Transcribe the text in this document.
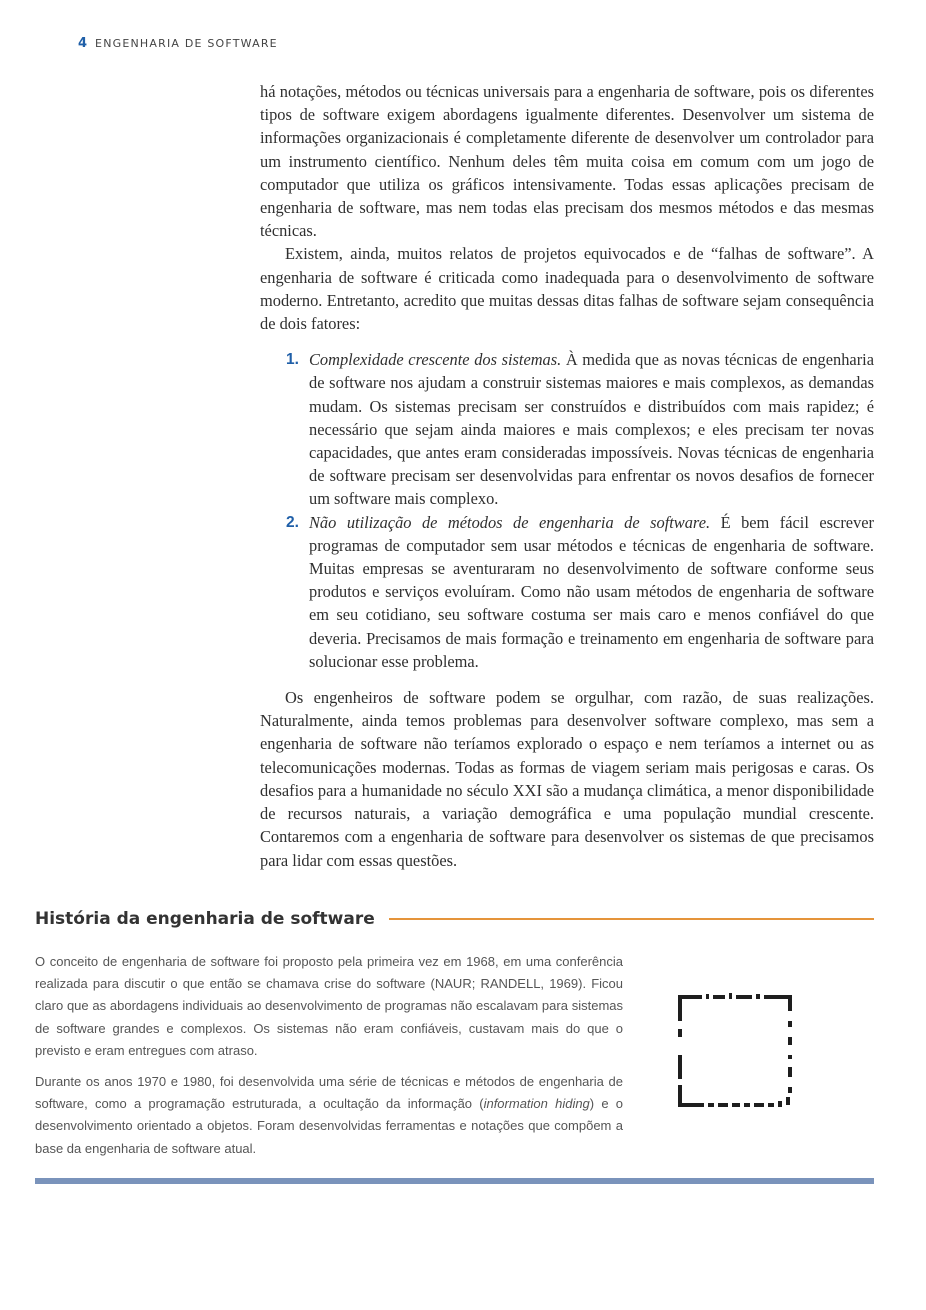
4 ENGENHARIA DE SOFTWARE

há notações, métodos ou técnicas universais para a engenharia de software, pois os diferentes tipos de software exigem abordagens igualmente diferentes. Desenvolver um sistema de informações organizacionais é completamente diferente de desenvolver um controlador para um instrumento científico. Nenhum deles têm muita coisa em comum com um jogo de computador que utiliza os gráficos intensivamente. Todas essas aplicações precisam de engenharia de software, mas nem todas elas precisam dos mesmos métodos e das mesmas técnicas.

Existem, ainda, muitos relatos de projetos equivocados e de “falhas de software”. A engenharia de software é criticada como inadequada para o desenvolvimento de software moderno. Entretanto, acredito que muitas dessas ditas falhas de software sejam consequência de dois fatores:

1. Complexidade crescente dos sistemas. À medida que as novas técnicas de engenharia de software nos ajudam a construir sistemas maiores e mais complexos, as demandas mudam. Os sistemas precisam ser construídos e distribuídos com mais rapidez; é necessário que sejam ainda maiores e mais complexos; e eles precisam ter novas capacidades, que antes eram consideradas impossíveis. Novas técnicas de engenharia de software precisam ser desenvolvidas para enfrentar os novos desafios de fornecer um software mais complexo.
2. Não utilização de métodos de engenharia de software. É bem fácil escrever programas de computador sem usar métodos e técnicas de engenharia de software. Muitas empresas se aventuraram no desenvolvimento de software conforme seus produtos e serviços evoluíram. Como não usam métodos de engenharia de software em seu cotidiano, seu software costuma ser mais caro e menos confiável do que deveria. Precisamos de mais formação e treinamento em engenharia de software para solucionar esse problema.

Os engenheiros de software podem se orgulhar, com razão, de suas realizações. Naturalmente, ainda temos problemas para desenvolver software complexo, mas sem a engenharia de software não teríamos explorado o espaço e nem teríamos a internet ou as telecomunicações modernas. Todas as formas de viagem seriam mais perigosas e caras. Os desafios para a humanidade no século XXI são a mudança climática, a menor disponibilidade de recursos naturais, a variação demográfica e uma população mundial crescente. Contaremos com a engenharia de software para desenvolver os sistemas de que precisamos para lidar com essas questões.

História da engenharia de software

O conceito de engenharia de software foi proposto pela primeira vez em 1968, em uma conferência realizada para discutir o que então se chamava crise do software (NAUR; RANDELL, 1969). Ficou claro que as abordagens individuais ao desenvolvimento de programas não escalavam para sistemas de software grandes e complexos. Os sistemas não eram confiáveis, custavam mais do que o previsto e eram entregues com atraso.

Durante os anos 1970 e 1980, foi desenvolvida uma série de técnicas e métodos de engenharia de software, como a programação estruturada, a ocultação da informação (information hiding) e o desenvolvimento orientado a objetos. Foram desenvolvidas ferramentas e notações que compõem a base da engenharia de software atual.
